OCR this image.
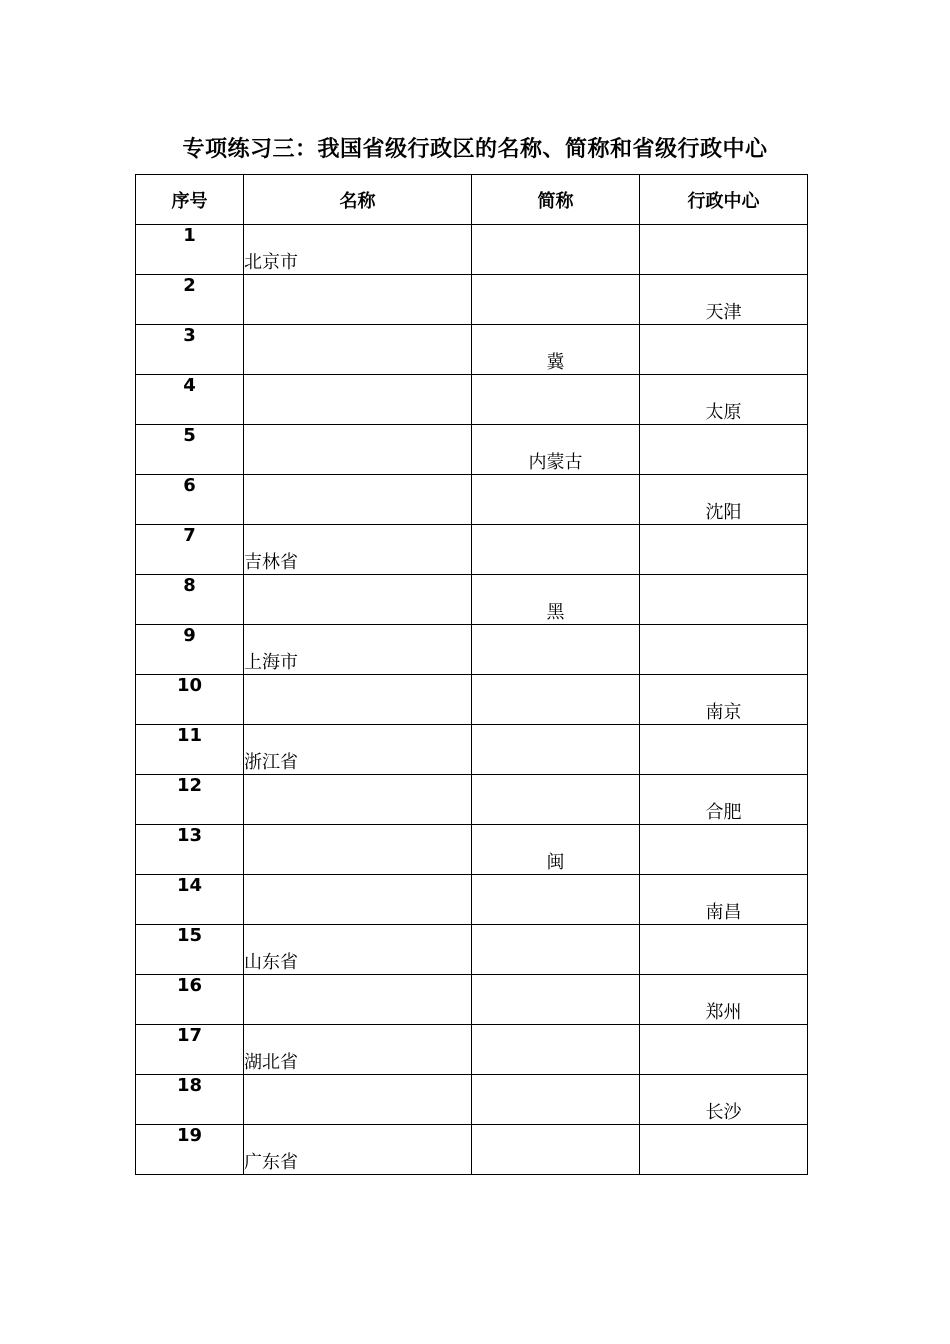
专项练习三：我国省级行政区的名称、简称和省级行政中心
序号	名称	简称	行政中心
1	北京市		
2			天津
3		冀	
4			太原
5		内蒙古	
6			沈阳
7	吉林省		
8		黑	
9	上海市		
10			南京
11	浙江省		
12			合肥
13		闽	
14			南昌
15	山东省		
16			郑州
17	湖北省		
18			长沙
19	广东省		
